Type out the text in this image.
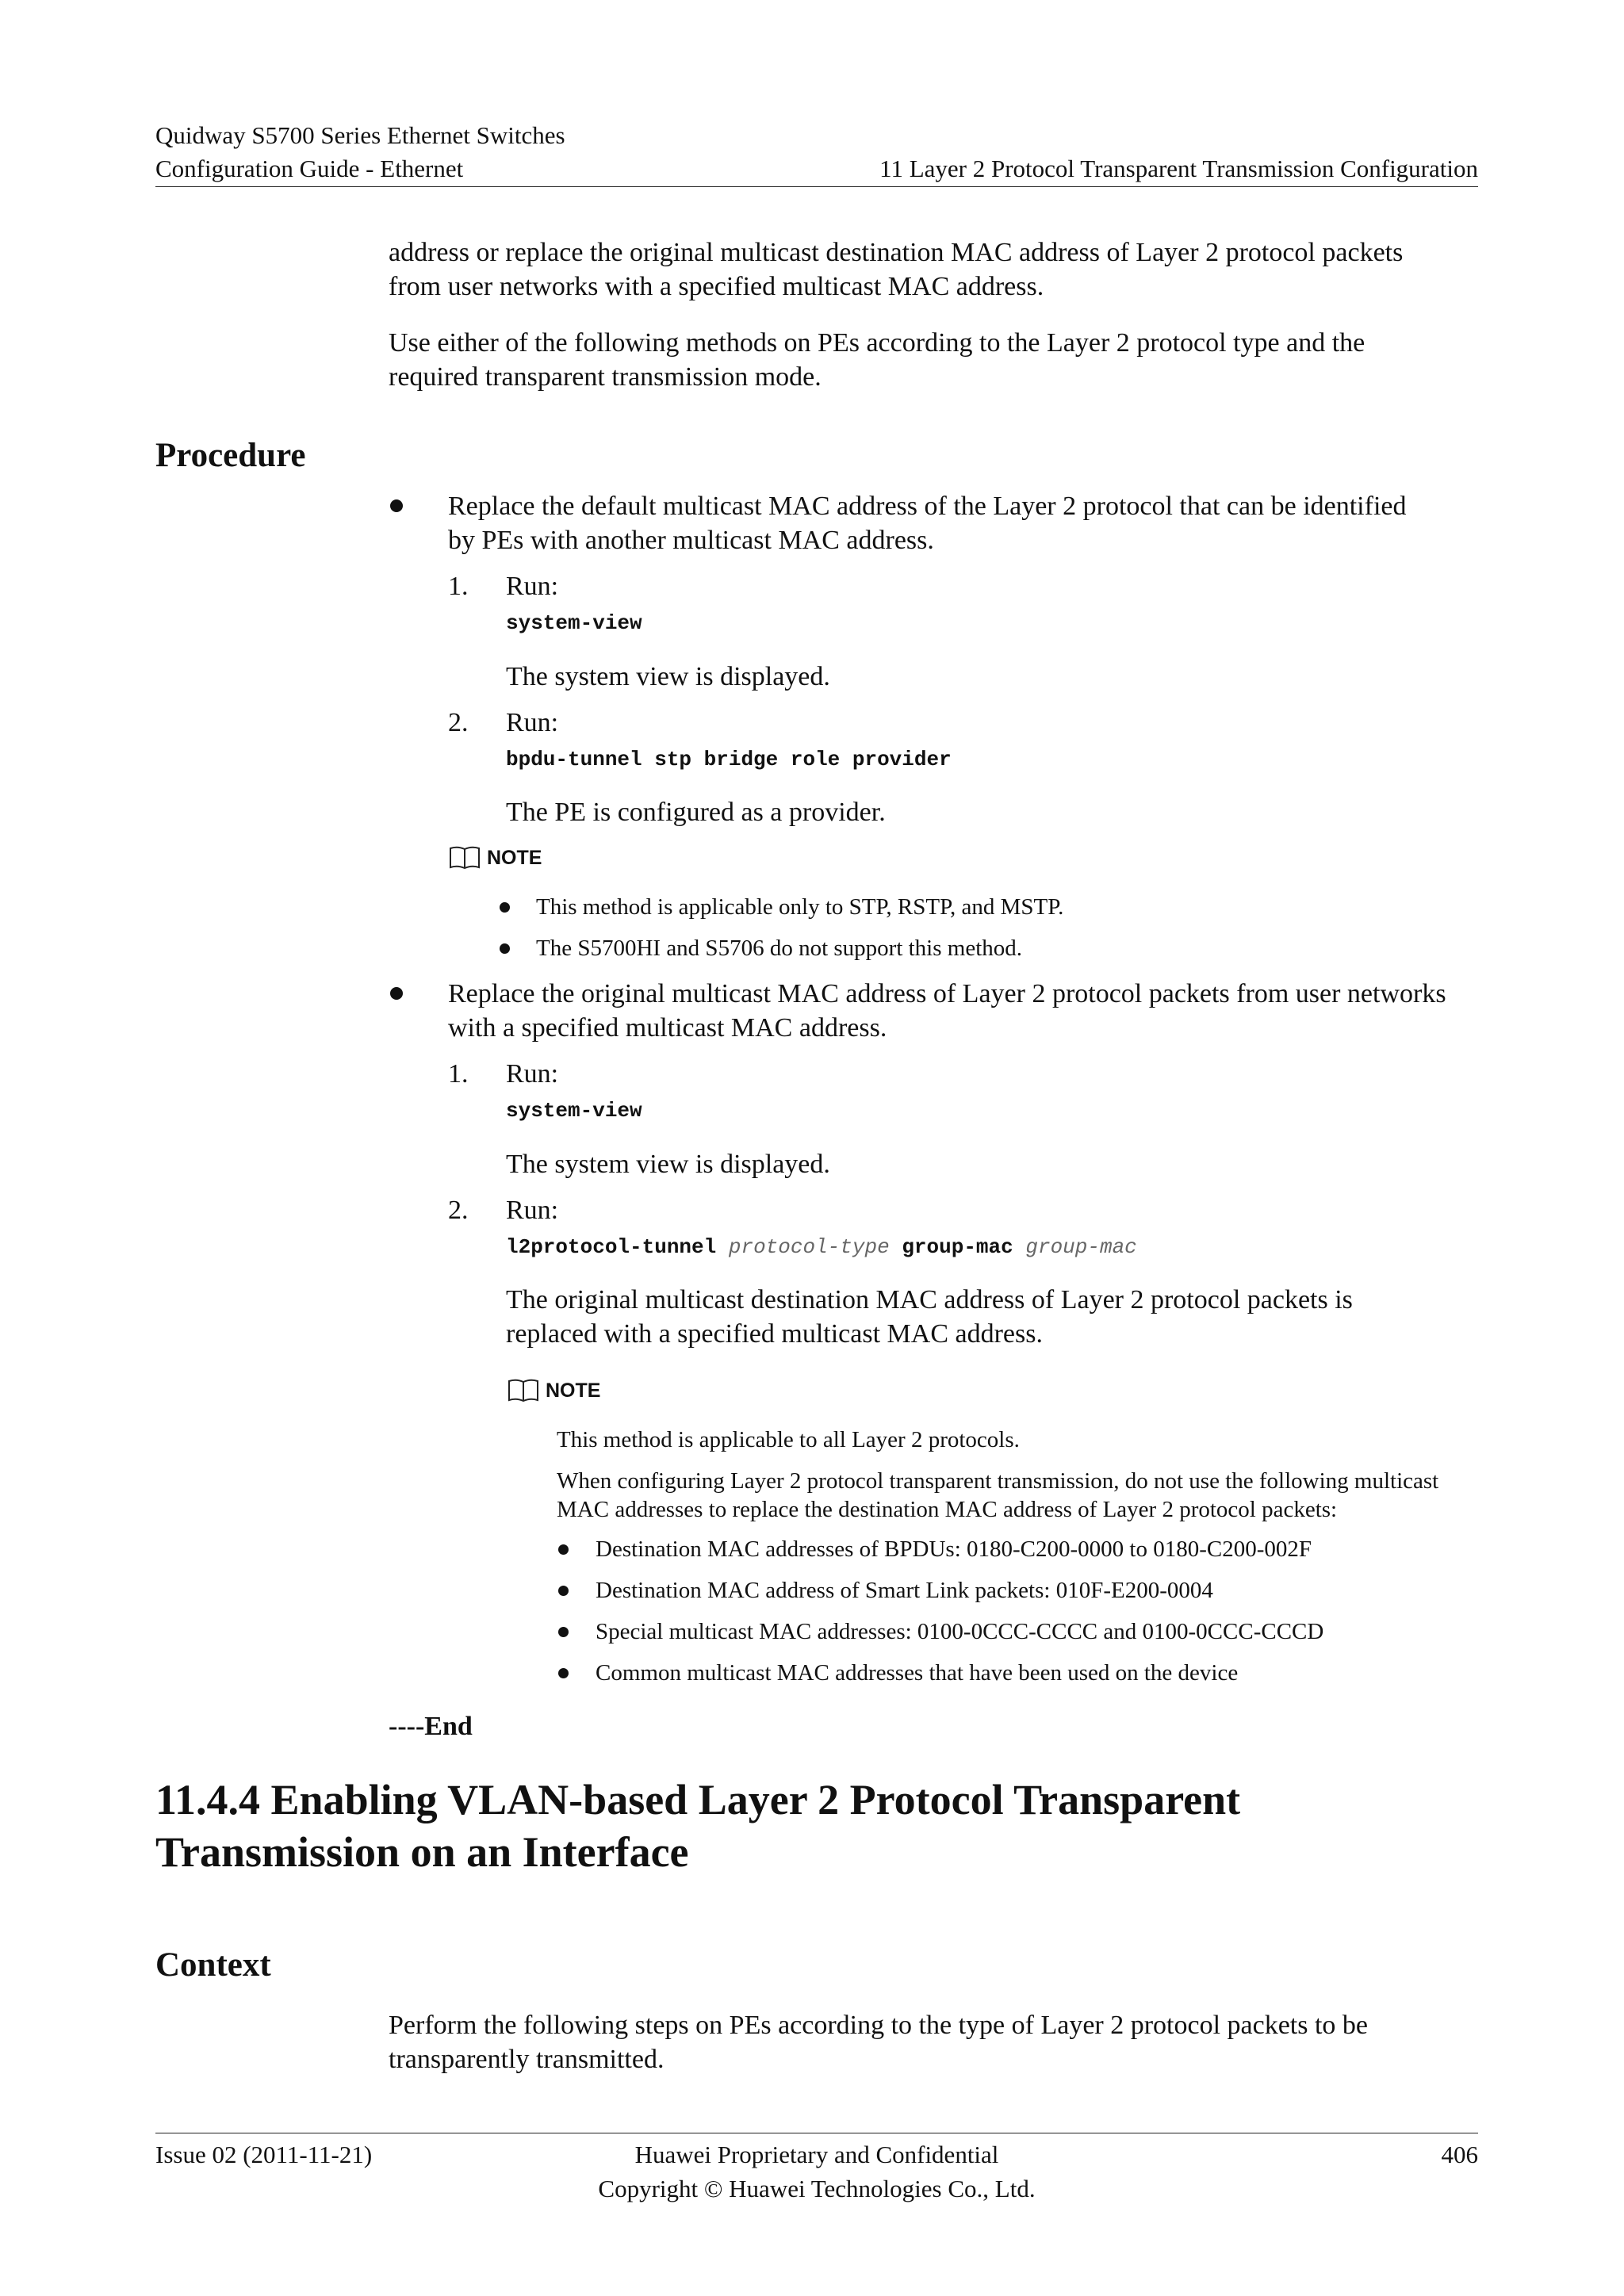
Quidway S5700 Series Ethernet Switches
Configuration Guide - Ethernet	11 Layer 2 Protocol Transparent Transmission Configuration
address or replace the original multicast destination MAC address of Layer 2 protocol packets
from user networks with a specified multicast MAC address.
Use either of the following methods on PEs according to the Layer 2 protocol type and the
required transparent transmission mode.
Procedure
Replace the default multicast MAC address of the Layer 2 protocol that can be identified
by PEs with another multicast MAC address.
1. Run:
system-view
The system view is displayed.
2. Run:
bpdu-tunnel stp bridge role provider
The PE is configured as a provider.
NOTE
This method is applicable only to STP, RSTP, and MSTP.
The S5700HI and S5706 do not support this method.
Replace the original multicast MAC address of Layer 2 protocol packets from user networks
with a specified multicast MAC address.
1. Run:
system-view
The system view is displayed.
2. Run:
l2protocol-tunnel protocol-type group-mac group-mac
The original multicast destination MAC address of Layer 2 protocol packets is
replaced with a specified multicast MAC address.
NOTE
This method is applicable to all Layer 2 protocols.
When configuring Layer 2 protocol transparent transmission, do not use the following multicast
MAC addresses to replace the destination MAC address of Layer 2 protocol packets:
Destination MAC addresses of BPDUs: 0180-C200-0000 to 0180-C200-002F
Destination MAC address of Smart Link packets: 010F-E200-0004
Special multicast MAC addresses: 0100-0CCC-CCCC and 0100-0CCC-CCCD
Common multicast MAC addresses that have been used on the device
----End
11.4.4 Enabling VLAN-based Layer 2 Protocol Transparent
Transmission on an Interface
Context
Perform the following steps on PEs according to the type of Layer 2 protocol packets to be
transparently transmitted.
Issue 02 (2011-11-21)	Huawei Proprietary and Confidential
Copyright © Huawei Technologies Co., Ltd.
406
